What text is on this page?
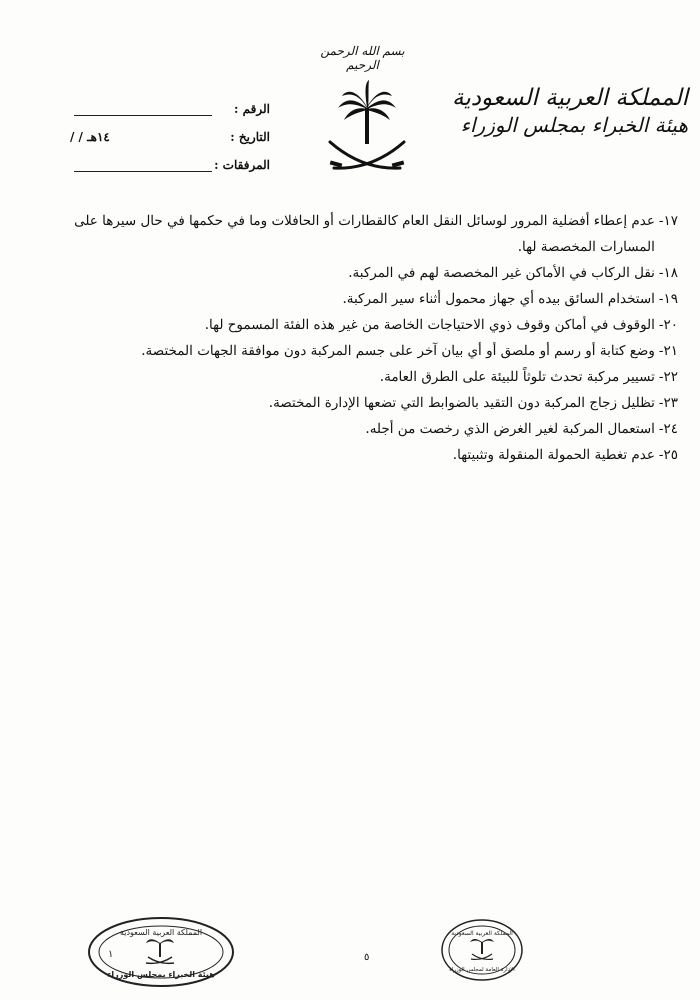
بسم الله الرحمن الرحيم
المملكة العربية السعودية
هيئة الخبراء بمجلس الوزراء
الرقم :
التاريخ :
/ / ١٤هـ
المرفقات :
١٧-
عدم إعطاء أفضلية المرور لوسائل النقل العام كالقطارات أو الحافلات وما في حكمها في حال سيرها على المسارات المخصصة لها.
١٨-
نقل الركاب في الأماكن غير المخصصة لهم في المركبة.
١٩-
استخدام السائق بيده أي جهاز محمول أثناء سير المركبة.
٢٠-
الوقوف في أماكن وقوف ذوي الاحتياجات الخاصة من غير هذه الفئة المسموح لها.
٢١-
وضع كتابة أو رسم أو ملصق أو أي بيان آخر على جسم المركبة دون موافقة الجهات المختصة.
٢٢-
تسيير مركبة تحدث تلوثاً للبيئة على الطرق العامة.
٢٣-
تظليل زجاج المركبة دون التقيد بالضوابط التي تضعها الإدارة المختصة.
٢٤-
استعمال المركبة لغير الغرض الذي رخصت من أجله.
٢٥-
عدم تغطية الحمولة المنقولة وتثبيتها.
١
المملكة العربية السعودية
هيئة الخبراء بمجلس الوزراء
٥
المملكة العربية السعودية
الإدارة العامة لمجلس الوزراء
